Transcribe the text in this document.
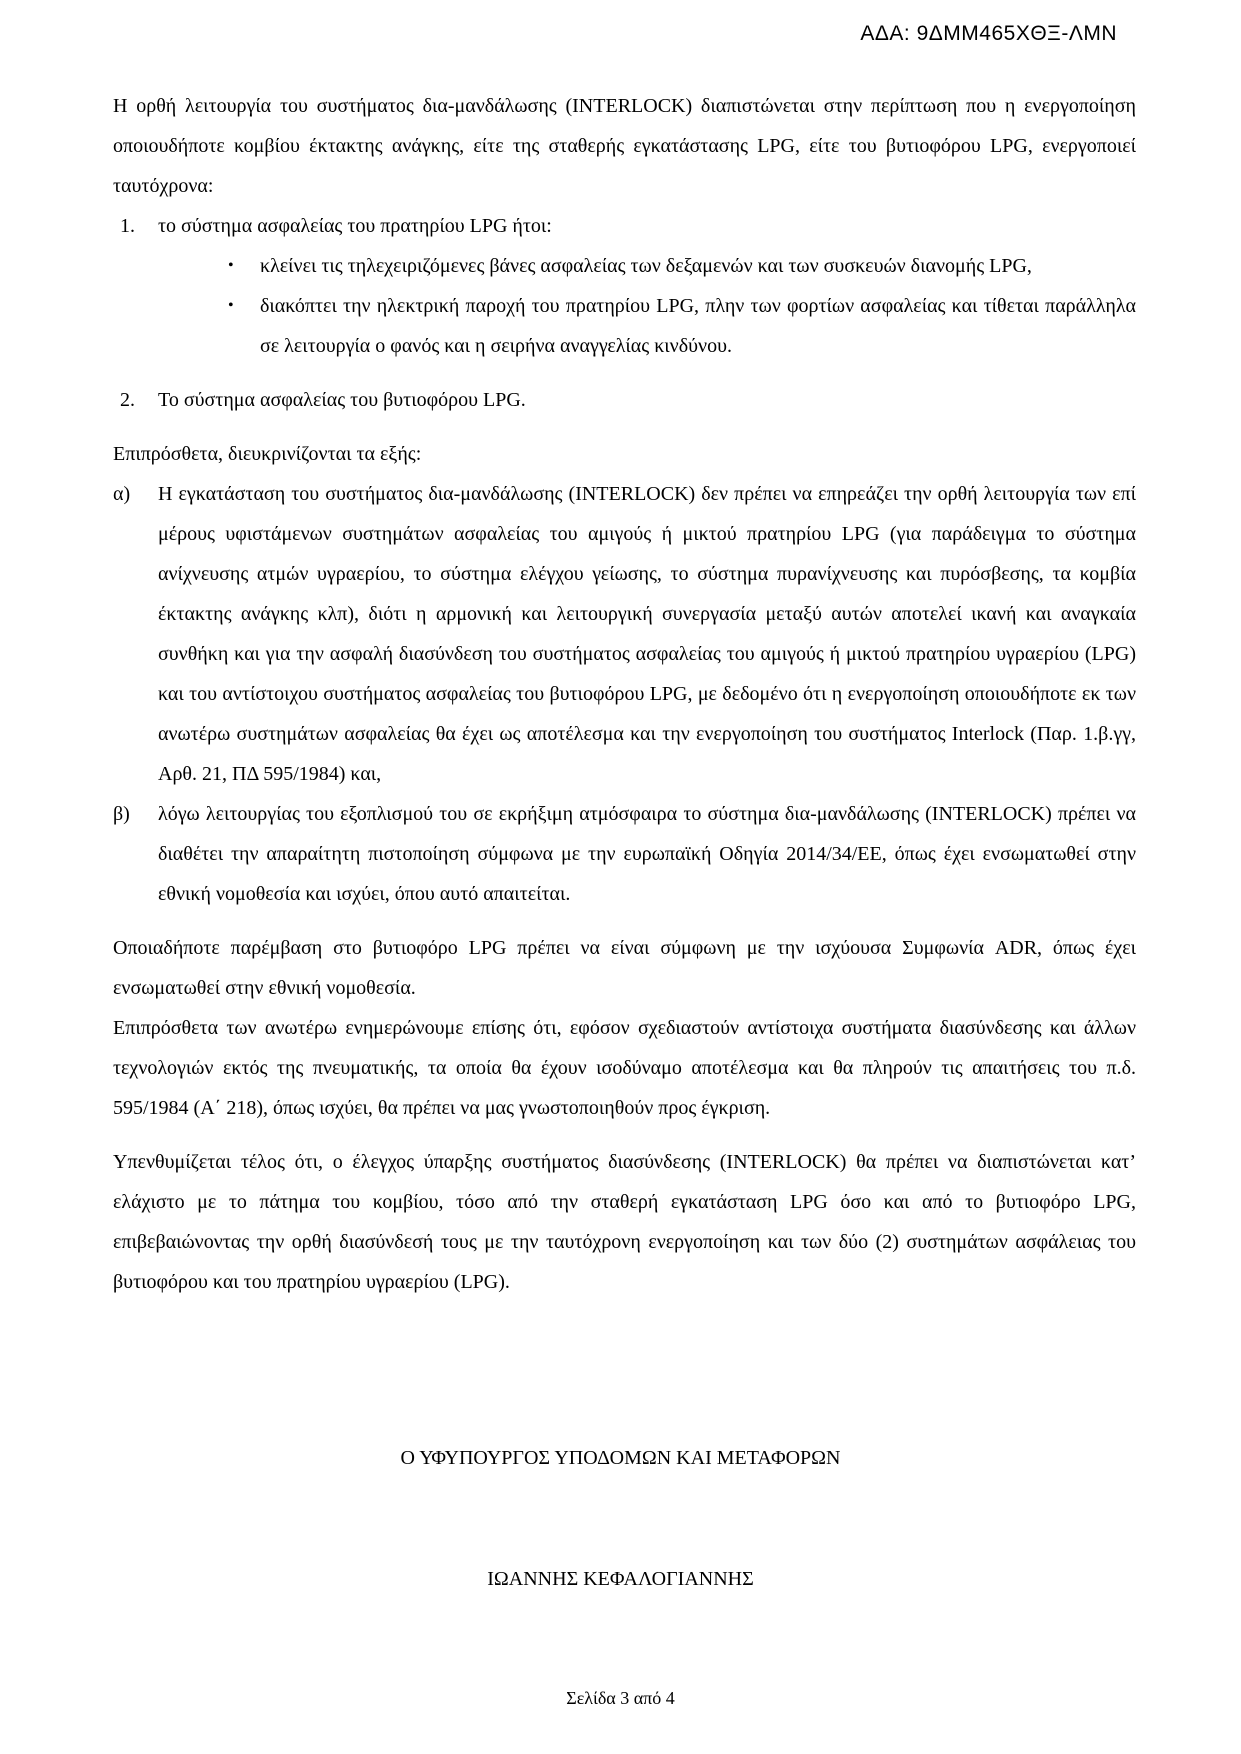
ΑΔΑ: 9ΔΜΜ465ΧΘΞ-ΛΜΝ

Η ορθή λειτουργία του συστήματος δια-μανδάλωσης (INTERLOCK) διαπιστώνεται στην περίπτωση που η ενεργοποίηση οποιουδήποτε κομβίου έκτακτης ανάγκης, είτε της σταθερής εγκατάστασης LPG, είτε του βυτιοφόρου LPG, ενεργοποιεί ταυτόχρονα:

1.	το σύστημα ασφαλείας του πρατηρίου LPG ήτοι:
•	κλείνει τις τηλεχειριζόμενες βάνες ασφαλείας των δεξαμενών και των συσκευών διανομής LPG,
•	διακόπτει την ηλεκτρική παροχή του πρατηρίου LPG, πλην των φορτίων ασφαλείας και τίθεται παράλληλα σε λειτουργία ο φανός και η σειρήνα αναγγελίας κινδύνου.
2.	Το σύστημα ασφαλείας του βυτιοφόρου LPG.

Επιπρόσθετα, διευκρινίζονται τα εξής:

α)	Η εγκατάσταση του συστήματος δια-μανδάλωσης (INTERLOCK) δεν πρέπει να επηρεάζει την ορθή λειτουργία των επί μέρους υφιστάμενων συστημάτων ασφαλείας του αμιγούς ή μικτού πρατηρίου LPG (για παράδειγμα το σύστημα ανίχνευσης ατμών υγραερίου, το σύστημα ελέγχου γείωσης, το σύστημα πυρανίχνευσης και πυρόσβεσης, τα κομβία έκτακτης ανάγκης κλπ), διότι η αρμονική και λειτουργική συνεργασία μεταξύ αυτών αποτελεί ικανή και αναγκαία συνθήκη και για την ασφαλή διασύνδεση του συστήματος ασφαλείας του αμιγούς ή μικτού πρατηρίου υγραερίου (LPG) και του αντίστοιχου συστήματος ασφαλείας του βυτιοφόρου LPG, με δεδομένο ότι η ενεργοποίηση οποιουδήποτε εκ των ανωτέρω συστημάτων ασφαλείας θα έχει ως αποτέλεσμα και την ενεργοποίηση του συστήματος Interlock (Παρ. 1.β.γγ, Αρθ. 21, ΠΔ 595/1984) και,
β)	λόγω λειτουργίας του εξοπλισμού του σε εκρήξιμη ατμόσφαιρα το σύστημα δια-μανδάλωσης (INTERLOCK) πρέπει να διαθέτει την απαραίτητη πιστοποίηση σύμφωνα με την ευρωπαϊκή Οδηγία 2014/34/ΕΕ, όπως έχει ενσωματωθεί στην εθνική νομοθεσία και ισχύει, όπου αυτό απαιτείται.

Οποιαδήποτε παρέμβαση στο βυτιοφόρο LPG πρέπει να είναι σύμφωνη με την ισχύουσα Συμφωνία ADR, όπως έχει ενσωματωθεί στην εθνική νομοθεσία.

Επιπρόσθετα των ανωτέρω ενημερώνουμε επίσης ότι, εφόσον σχεδιαστούν αντίστοιχα συστήματα διασύνδεσης και άλλων τεχνολογιών εκτός της πνευματικής, τα οποία θα έχουν ισοδύναμο αποτέλεσμα και θα πληρούν τις απαιτήσεις του π.δ. 595/1984 (Α΄ 218), όπως ισχύει, θα πρέπει να μας γνωστοποιηθούν προς έγκριση.

Υπενθυμίζεται τέλος ότι, ο έλεγχος ύπαρξης συστήματος διασύνδεσης (INTERLOCK) θα πρέπει να διαπιστώνεται κατ’ ελάχιστο με το πάτημα του κομβίου, τόσο από την σταθερή εγκατάσταση LPG όσο και από το βυτιοφόρο LPG, επιβεβαιώνοντας την ορθή διασύνδεσή τους με την ταυτόχρονη ενεργοποίηση και των δύο (2) συστημάτων ασφάλειας του βυτιοφόρου και του πρατηρίου υγραερίου (LPG).

Ο ΥΦΥΠΟΥΡΓΟΣ ΥΠΟΔΟΜΩΝ ΚΑΙ ΜΕΤΑΦΟΡΩΝ
ΙΩΑΝΝΗΣ ΚΕΦΑΛΟΓΙΑΝΝΗΣ
Σελίδα 3 από 4
